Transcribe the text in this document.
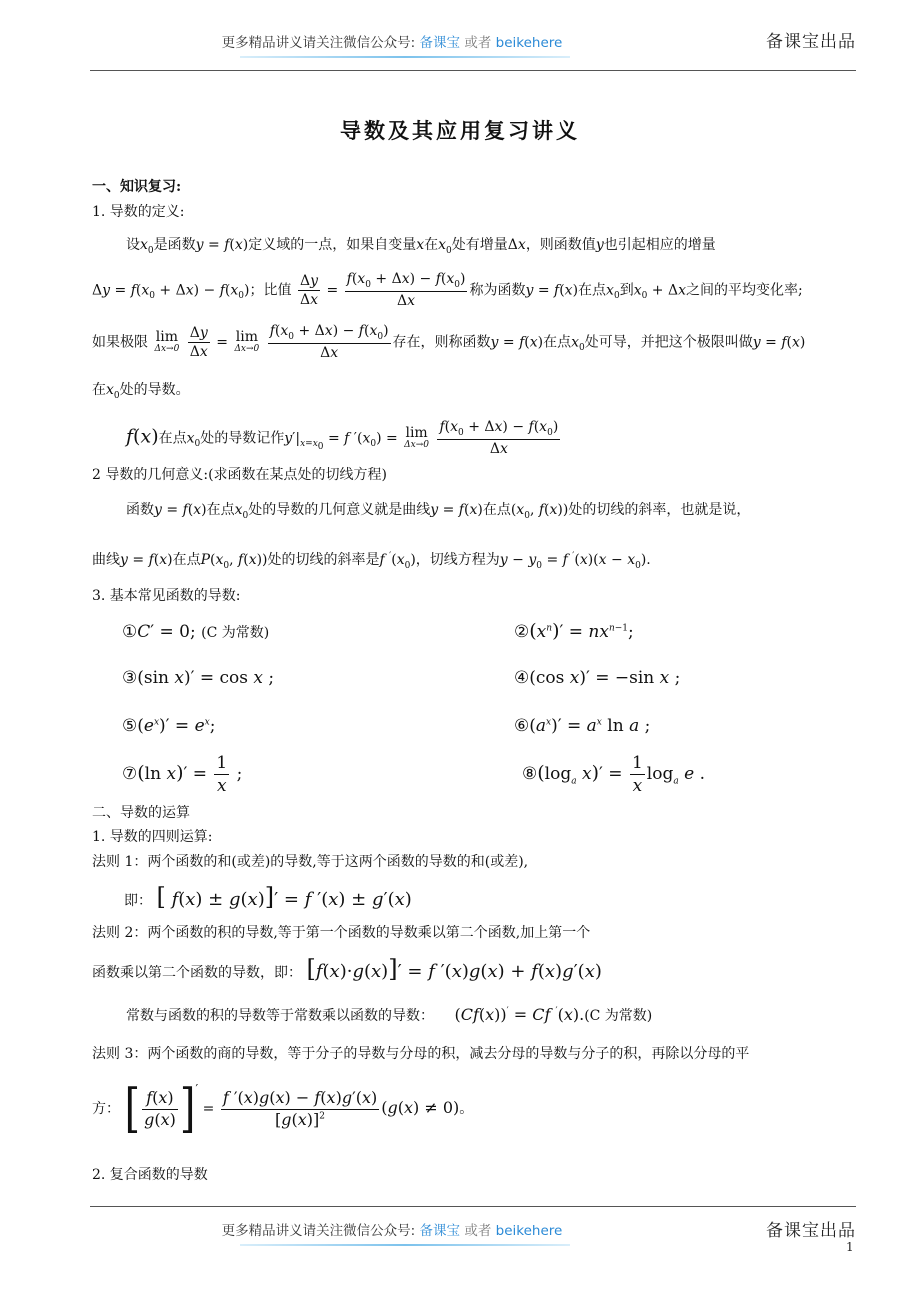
更多精品讲义请关注微信公众号: 备课宝 或者 beikehere	备课宝出品
导数及其应用复习讲义
一、知识复习:
1. 导数的定义:
设$x_0$是函数y = f(x)定义域的一点，如果自变量x在$x_0$处有增量Δx，则函数值y也引起相应的增量
$\Delta y = f(x_0 + \Delta x) - f(x_0)$；比值 $\frac{\Delta y}{\Delta x} = \frac{f(x_0 + \Delta x) - f(x_0)}{\Delta x}$ 称为函数y = f(x)在点$x_0$到$x_0 + \Delta x$之间的平均变化率;
如果极限 lim
Δx→0
$\frac{\Delta y}{\Delta x} = \lim$
Δx→0
$\frac{f(x_0 + \Delta x) - f(x_0)}{\Delta x}$ 存在，则称函数y = f(x)在点$x_0$处可导，并把这个极限叫做y = f(x)
在$x_0$处的导数。
f(x)在点$x_0$处的导数记作$y'|_{x=x_0} = f$ $'(x_0) = \lim$
Δx→0
$\frac{f(x_0 + \Delta x) - f(x_0)}{\Delta x}$
2 导数的几何意义:(求函数在某点处的切线方程)
函数y = f(x)在点$x_0$处的导数的几何意义就是曲线y = f(x)在点($x_0$, f(x))处的切线的斜率，也就是说，
曲线y = f(x)在点$P(x_0$, f(x))处的切线的斜率是f $'(x_0)$，切线方程为$y - y_0 = f$ $'(x)(x - x_0)$.
3. 基本常见函数的导数:
①C′ = 0; (C 为常数)	$②(x^n)' = nx^{n-1}$;
③(sin x)′ = cos x ;	④(cos x)′ = −sin x ;
$⑤(e^x)' = e^x$;	$⑥(a^x)' = a^x$ ln a ;
⑦(ln $x)' = \frac{1}{x}$ ;	$⑧(\log_a$ $x)' = \frac{1}{x} \log_a e$ .
二、导数的运算
1. 导数的四则运算:
法则 1：两个函数的和(或差)的导数,等于这两个函数的导数的和(或差),
即： [ f(x) ± g(x)]′ = f ′(x) ± g′(x)
法则 2：两个函数的积的导数,等于第一个函数的导数乘以第二个函数,加上第一个
函数乘以第二个函数的导数，即： [f(x)·g(x)]′ = f ′(x)g(x) + f(x)g′(x)
常数与函数的积的导数等于常数乘以函数的导数： (Cf(x))′ = Cf ′(x).(C 为常数)
法则 3：两个函数的商的导数，等于分子的导数与分母的积，减去分母的导数与分子的积，再除以分母的平
方： [ $\frac{f(x)}{g(x)} ]' = \frac{f '(x)g(x) - f(x)g'(x)}{[g(x)]^2} (g(x) \ne 0)$。
2. 复合函数的导数
更多精品讲义请关注微信公众号: 备课宝 或者 beikehere	备课宝出品
1
